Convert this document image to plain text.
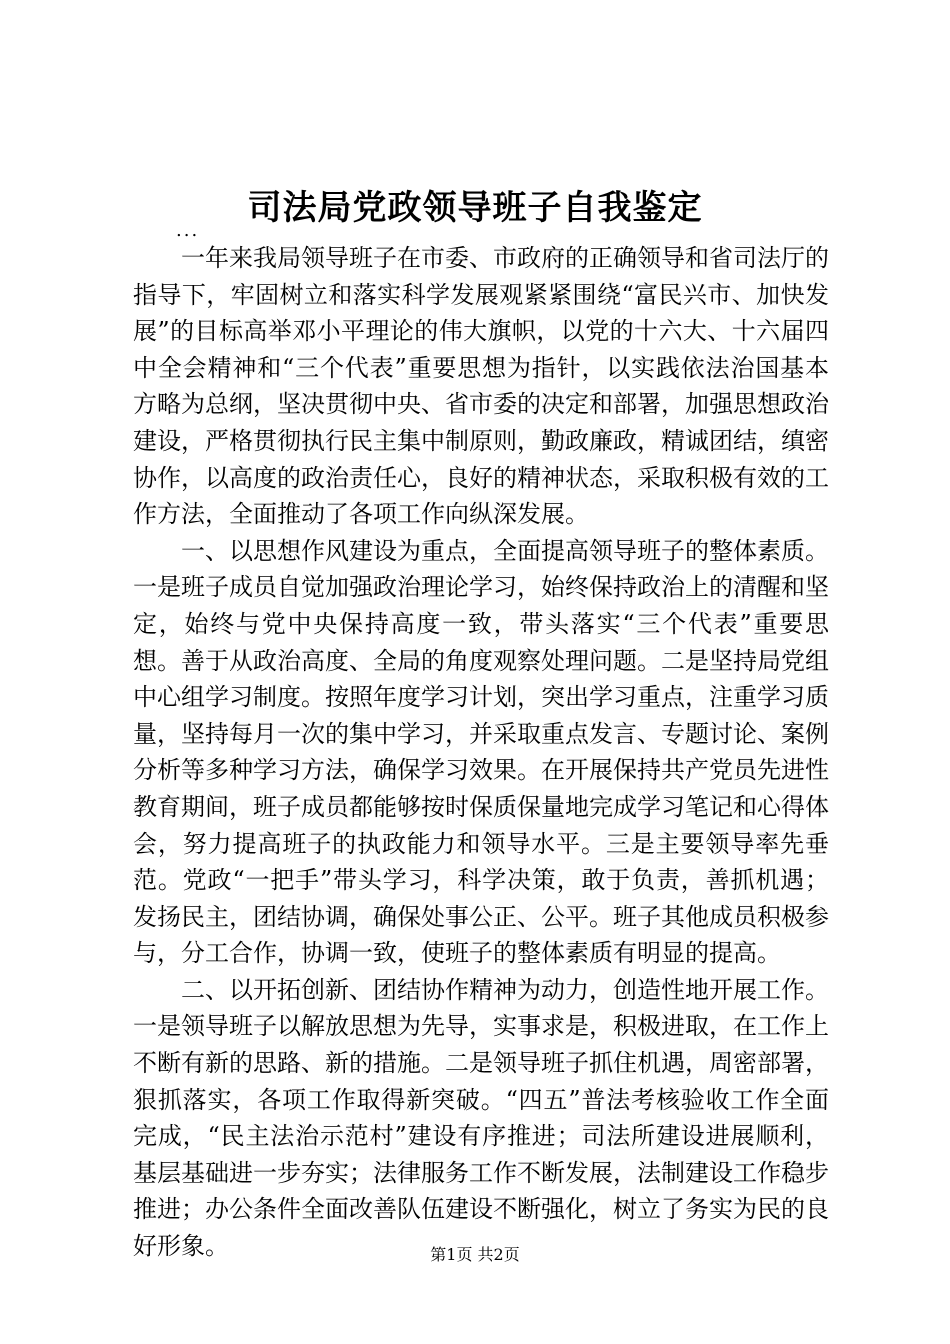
司法局党政领导班子自我鉴定

...

一年来我局领导班子在市委、市政府的正确领导和省司法厅的指导下，牢固树立和落实科学发展观紧紧围绕“富民兴市、加快发展”的目标高举邓小平理论的伟大旗帜，以党的十六大、十六届四中全会精神和“三个代表”重要思想为指针，以实践依法治国基本方略为总纲，坚决贯彻中央、省市委的决定和部署，加强思想政治建设，严格贯彻执行民主集中制原则，勤政廉政，精诚团结，缜密协作，以高度的政治责任心，良好的精神状态，采取积极有效的工作方法，全面推动了各项工作向纵深发展。

一、以思想作风建设为重点，全面提高领导班子的整体素质。一是班子成员自觉加强政治理论学习，始终保持政治上的清醒和坚定，始终与党中央保持高度一致，带头落实“三个代表”重要思想。善于从政治高度、全局的角度观察处理问题。二是坚持局党组中心组学习制度。按照年度学习计划，突出学习重点，注重学习质量，坚持每月一次的集中学习，并采取重点发言、专题讨论、案例分析等多种学习方法，确保学习效果。在开展保持共产党员先进性教育期间，班子成员都能够按时保质保量地完成学习笔记和心得体会，努力提高班子的执政能力和领导水平。三是主要领导率先垂范。党政“一把手”带头学习，科学决策，敢于负责，善抓机遇；发扬民主，团结协调，确保处事公正、公平。班子其他成员积极参与，分工合作，协调一致，使班子的整体素质有明显的提高。

二、以开拓创新、团结协作精神为动力，创造性地开展工作。一是领导班子以解放思想为先导，实事求是，积极进取，在工作上不断有新的思路、新的措施。二是领导班子抓住机遇，周密部署，狠抓落实，各项工作取得新突破。“四五”普法考核验收工作全面完成，“民主法治示范村”建设有序推进；司法所建设进展顺利，基层基础进一步夯实；法律服务工作不断发展，法制建设工作稳步推进；办公条件全面改善队伍建设不断强化，树立了务实为民的良好形象。	第1页 共2页
